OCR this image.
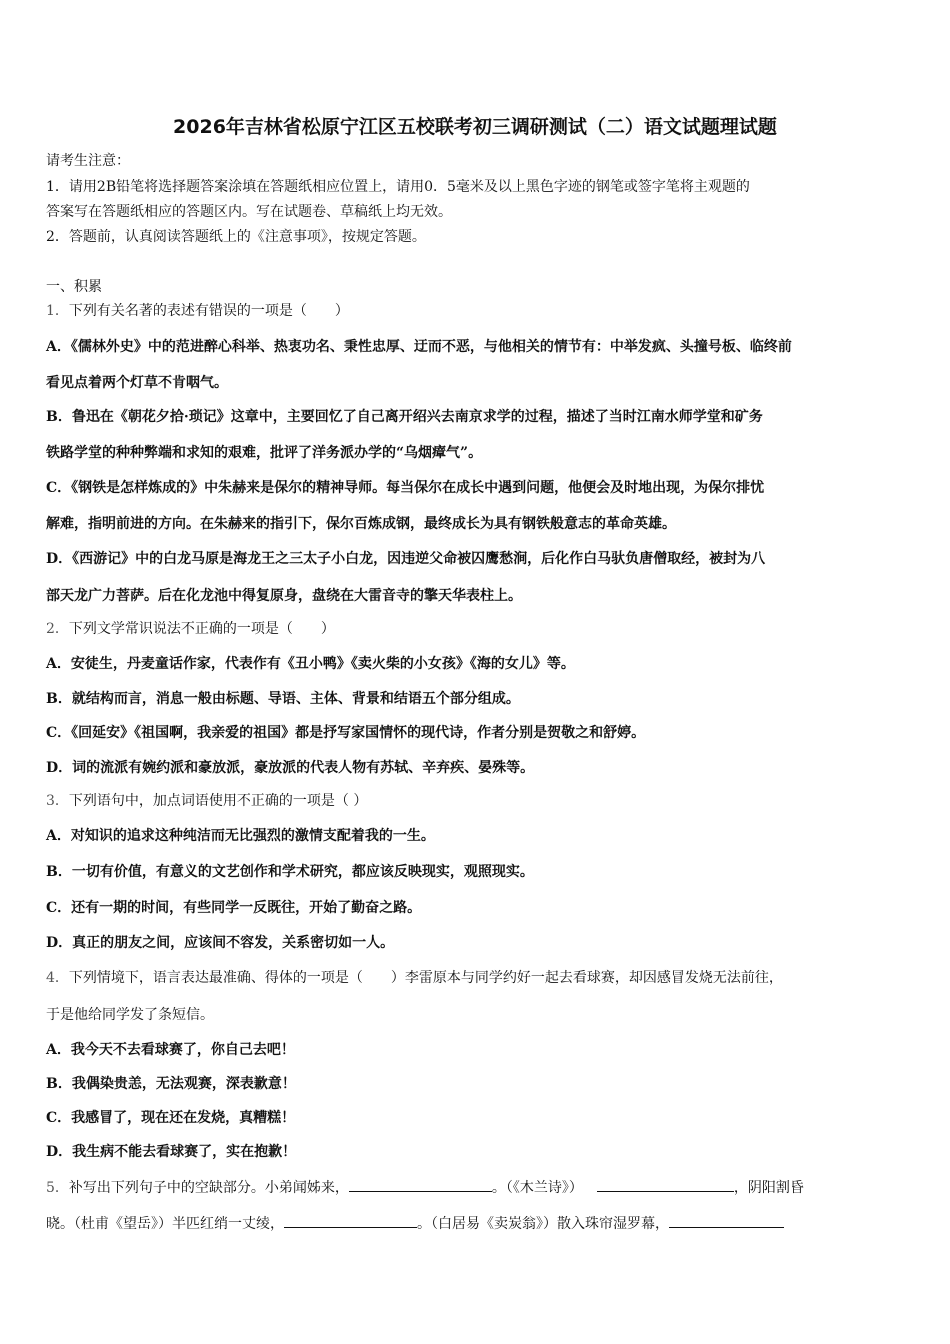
2026年吉林省松原宁江区五校联考初三调研测试（二）语文试题理试题
请考生注意：
1．请用2B铅笔将选择题答案涂填在答题纸相应位置上，请用0．5毫米及以上黑色字迹的钢笔或签字笔将主观题的
答案写在答题纸相应的答题区内。写在试题卷、草稿纸上均无效。
2．答题前，认真阅读答题纸上的《注意事项》，按规定答题。
一、积累
1．下列有关名著的表述有错误的一项是（　　）
A．《儒林外史》中的范进醉心科举、热衷功名、秉性忠厚、迂而不恶，与他相关的情节有：中举发疯、头撞号板、临终前
看见点着两个灯草不肯咽气。
B．鲁迅在《朝花夕拾·琐记》这章中，主要回忆了自己离开绍兴去南京求学的过程，描述了当时江南水师学堂和矿务
铁路学堂的种种弊端和求知的艰难，批评了洋务派办学的“乌烟瘴气”。
C．《钢铁是怎样炼成的》中朱赫来是保尔的精神导师。每当保尔在成长中遇到问题，他便会及时地出现，为保尔排忧
解难，指明前进的方向。在朱赫来的指引下，保尔百炼成钢，最终成长为具有钢铁般意志的革命英雄。
D．《西游记》中的白龙马原是海龙王之三太子小白龙，因违逆父命被囚鹰愁涧，后化作白马驮负唐僧取经，被封为八
部天龙广力菩萨。后在化龙池中得复原身，盘绕在大雷音寺的擎天华表柱上。
2．下列文学常识说法不正确的一项是（　　）
A．安徒生，丹麦童话作家，代表作有《丑小鸭》《卖火柴的小女孩》《海的女儿》等。
B．就结构而言，消息一般由标题、导语、主体、背景和结语五个部分组成。
C．《回延安》《祖国啊，我亲爱的祖国》都是抒写家国情怀的现代诗，作者分别是贺敬之和舒婷。
D．词的流派有婉约派和豪放派，豪放派的代表人物有苏轼、辛弃疾、晏殊等。
3．下列语句中，加点词语使用不正确的一项是（ ）
A．对知识的追求这种纯洁而无比强烈的激情支配着我的一生。
B．一切有价值，有意义的文艺创作和学术研究，都应该反映现实，观照现实。
C．还有一期的时间，有些同学一反既往，开始了勤奋之路。
D．真正的朋友之间，应该间不容发，关系密切如一人。
4．下列情境下，语言表达最准确、得体的一项是（　　）李雷原本与同学约好一起去看球赛，却因感冒发烧无法前往，
于是他给同学发了条短信。
A．我今天不去看球赛了，你自己去吧！
B．我偶染贵恙，无法观赛，深表歉意！
C．我感冒了，现在还在发烧，真糟糕！
D．我生病不能去看球赛了，实在抱歉！
5．补写出下列句子中的空缺部分。小弟闻姊来，	。（《木兰诗》）	，阴阳割昏
晓。（杜甫《望岳》）半匹红绡一丈绫，	。（白居易《卖炭翁》）散入珠帘湿罗幕，
